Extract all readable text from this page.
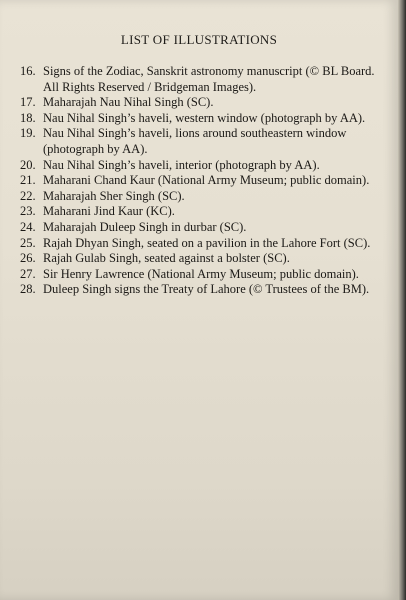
LIST OF ILLUSTRATIONS
16. Signs of the Zodiac, Sanskrit astronomy manuscript (© BL Board. All Rights Reserved / Bridgeman Images).
17. Maharajah Nau Nihal Singh (SC).
18. Nau Nihal Singh’s haveli, western window (photograph by AA).
19. Nau Nihal Singh’s haveli, lions around southeastern window (photograph by AA).
20. Nau Nihal Singh’s haveli, interior (photograph by AA).
21. Maharani Chand Kaur (National Army Museum; public domain).
22. Maharajah Sher Singh (SC).
23. Maharani Jind Kaur (KC).
24. Maharajah Duleep Singh in durbar (SC).
25. Rajah Dhyan Singh, seated on a pavilion in the Lahore Fort (SC).
26. Rajah Gulab Singh, seated against a bolster (SC).
27. Sir Henry Lawrence (National Army Museum; public domain).
28. Duleep Singh signs the Treaty of Lahore (© Trustees of the BM).
